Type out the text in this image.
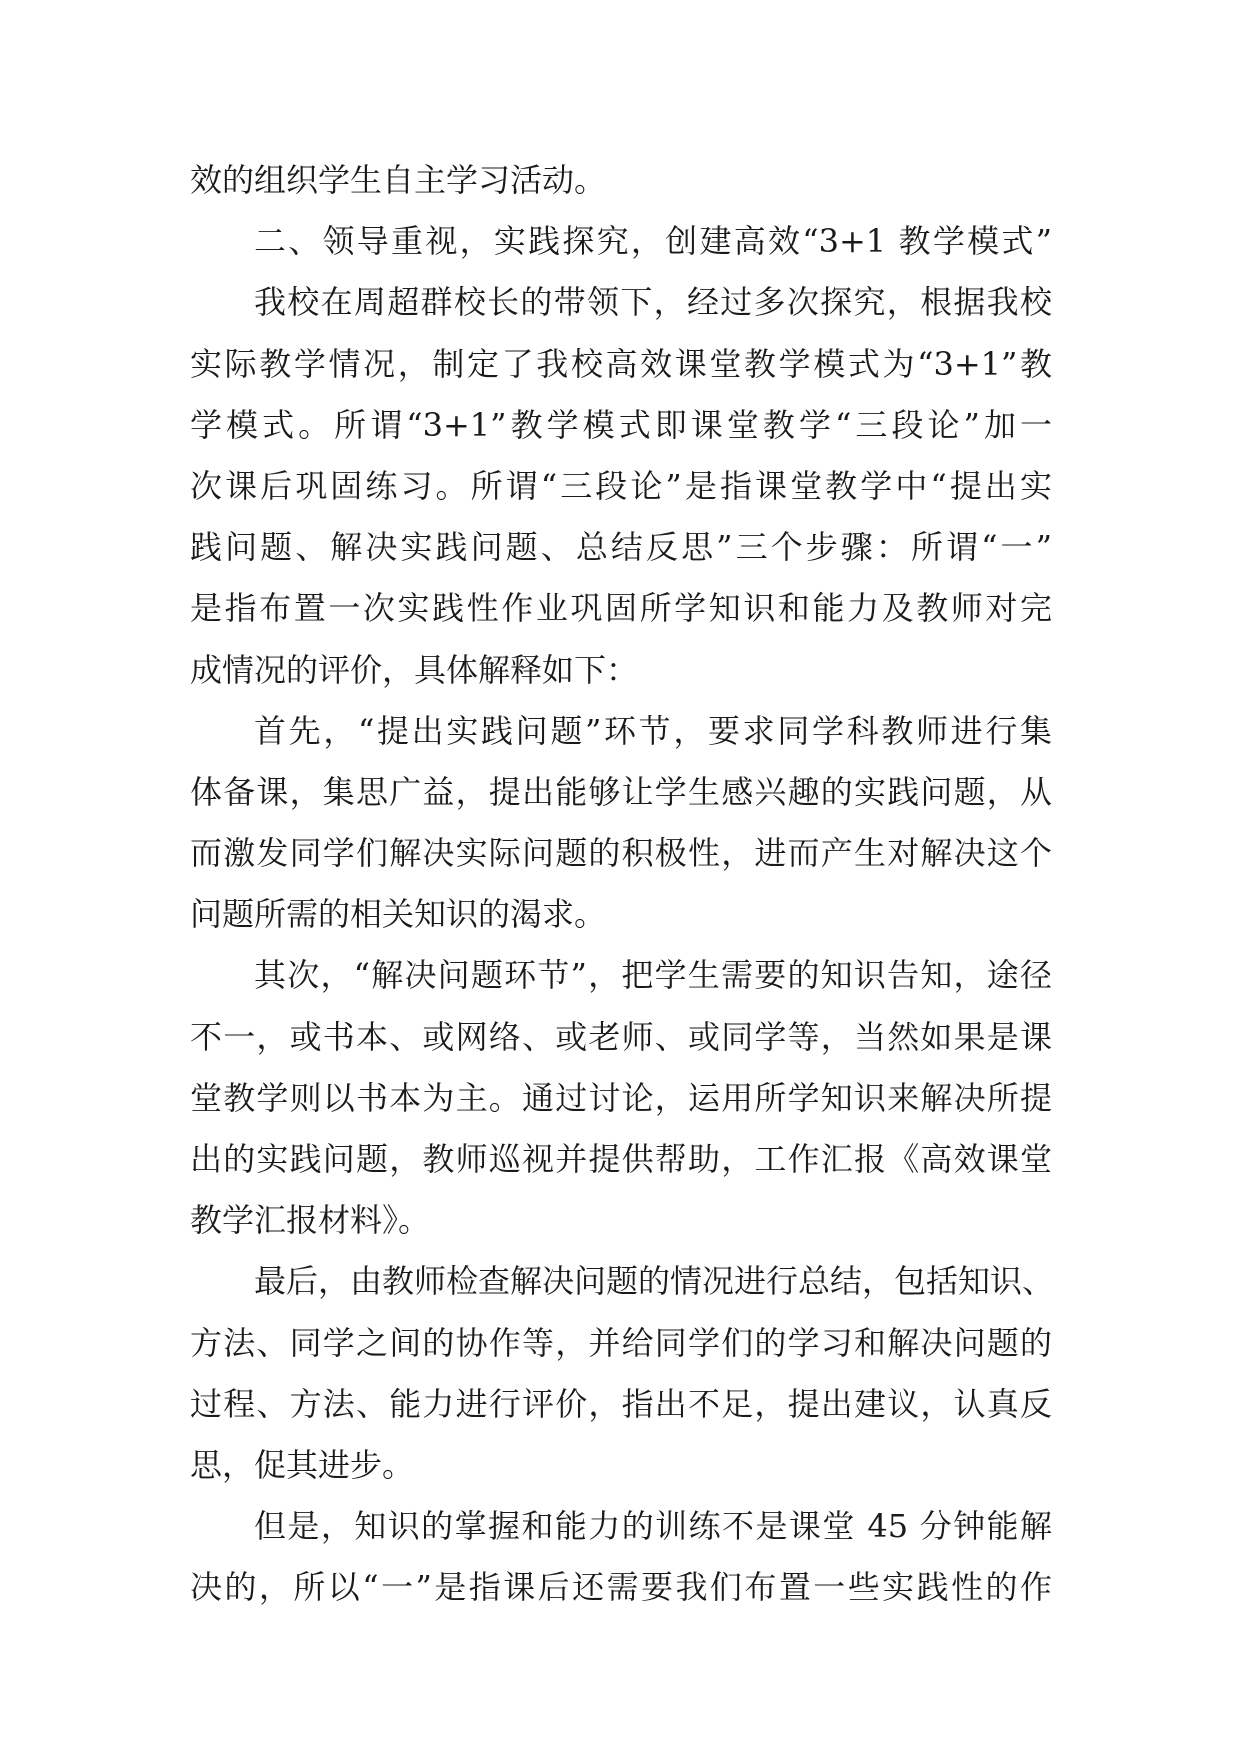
效的组织学生自主学习活动。
二、领导重视，实践探究，创建高效“3+1 教学模式”
我校在周超群校长的带领下，经过多次探究，根据我校
实际教学情况，制定了我校高效课堂教学模式为“3+1”教
学模式。所谓“3+1”教学模式即课堂教学“三段论”加一
次课后巩固练习。所谓“三段论”是指课堂教学中“提出实
践问题、解决实践问题、总结反思”三个步骤：所谓“一”
是指布置一次实践性作业巩固所学知识和能力及教师对完
成情况的评价，具体解释如下：
首先，“提出实践问题”环节，要求同学科教师进行集
体备课，集思广益，提出能够让学生感兴趣的实践问题，从
而激发同学们解决实际问题的积极性，进而产生对解决这个
问题所需的相关知识的渴求。
其次，“解决问题环节”，把学生需要的知识告知，途径
不一，或书本、或网络、或老师、或同学等，当然如果是课
堂教学则以书本为主。通过讨论，运用所学知识来解决所提
出的实践问题，教师巡视并提供帮助，工作汇报《高效课堂
教学汇报材料》。
最后，由教师检查解决问题的情况进行总结，包括知识、
方法、同学之间的协作等，并给同学们的学习和解决问题的
过程、方法、能力进行评价，指出不足，提出建议，认真反
思，促其进步。
但是，知识的掌握和能力的训练不是课堂 45 分钟能解
决的，所以“一”是指课后还需要我们布置一些实践性的作
